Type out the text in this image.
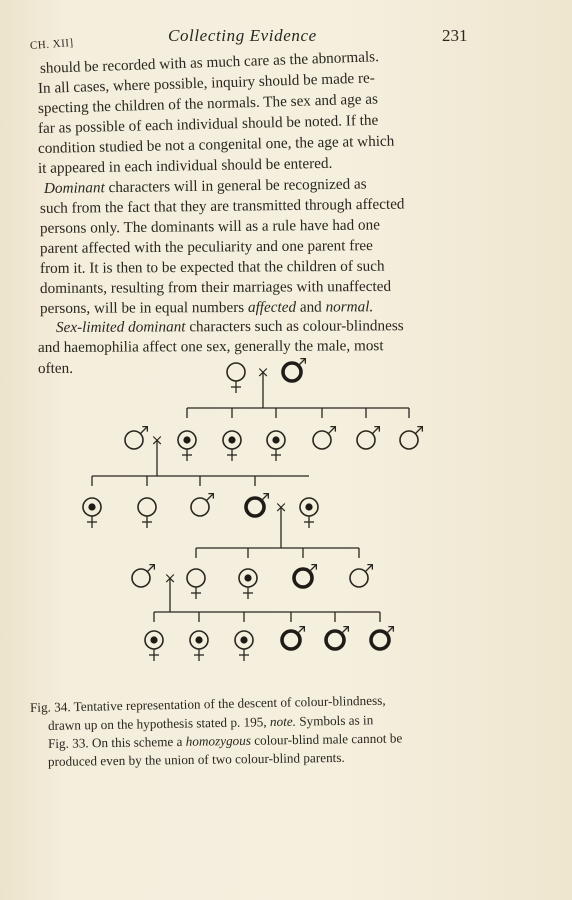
CH. XII]	Collecting Evidence	231
should be recorded with as much care as the abnormals.
In all cases, where possible, inquiry should be made re-
specting the children of the normals. The sex and age as
far as possible of each individual should be noted. If the
condition studied be not a congenital one, the age at which
it appeared in each individual should be entered.
Dominant characters will in general be recognized as
such from the fact that they are transmitted through affected
persons only. The dominants will as a rule have had one
parent affected with the peculiarity and one parent free
from it. It is then to be expected that the children of such
dominants, resulting from their marriages with unaffected
persons, will be in equal numbers affected and normal.
Sex-limited dominant characters such as colour-blindness
and haemophilia affect one sex, generally the male, most
often.	×
×
×
×
Fig. 34. Tentative representation of the descent of colour-blindness,
drawn up on the hypothesis stated p. 195, note. Symbols as in
Fig. 33. On this scheme a homozygous colour-blind male cannot be
produced even by the union of two colour-blind parents.
